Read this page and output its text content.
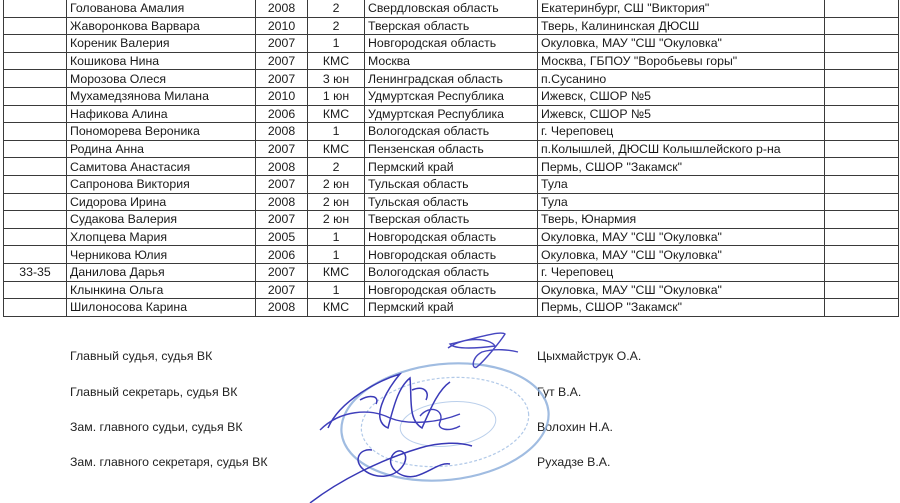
	Голованова Амалия	2008	2	Свердловская область	Екатеринбург, СШ "Виктория"	
	Жаворонкова Варвара	2010	2	Тверская область	Тверь, Калининская ДЮСШ	
	Кореник Валерия	2007	1	Новгородская область	Окуловка, МАУ "СШ "Окуловка"	
	Кошикова Нина	2007	КМС	Москва	Москва, ГБПОУ "Воробьевы горы"	
	Морозова Олеся	2007	3 юн	Ленинградская область	п.Сусанино	
	Мухамедзянова Милана	2010	1 юн	Удмуртская Республика	Ижевск, СШОР №5	
	Нафикова Алина	2006	КМС	Удмуртская Республика	Ижевск, СШОР №5	
	Пономорева Вероника	2008	1	Вологодская область	г. Череповец	
	Родина Анна	2007	КМС	Пензенская область	п.Колышлей, ДЮСШ Колышлейского р-на	
	Самитова Анастасия	2008	2	Пермский край	Пермь, СШОР "Закамск"	
	Сапронова Виктория	2007	2 юн	Тульская область	Тула	
	Сидорова Ирина	2008	2 юн	Тульская область	Тула	
	Судакова Валерия	2007	2 юн	Тверская область	Тверь, Юнармия	
	Хлопцева Мария	2005	1	Новгородская область	Окуловка, МАУ "СШ "Окуловка"	
	Черникова Юлия	2006	1	Новгородская область	Окуловка, МАУ "СШ "Окуловка"	
33-35	Данилова Дарья	2007	КМС	Вологодская область	г. Череповец	
	Клынкина Ольга	2007	1	Новгородская область	Окуловка, МАУ "СШ "Окуловка"	
	Шилоносова Карина	2008	КМС	Пермский край	Пермь, СШОР "Закамск"	
Главный судья, судья ВК	Цыхмайструк О.А.
Главный секретарь, судья ВК	Гут В.А.
Зам. главного судьи, судья ВК	Волохин Н.А.
Зам. главного секретаря, судья ВК	Рухадзе В.А.
